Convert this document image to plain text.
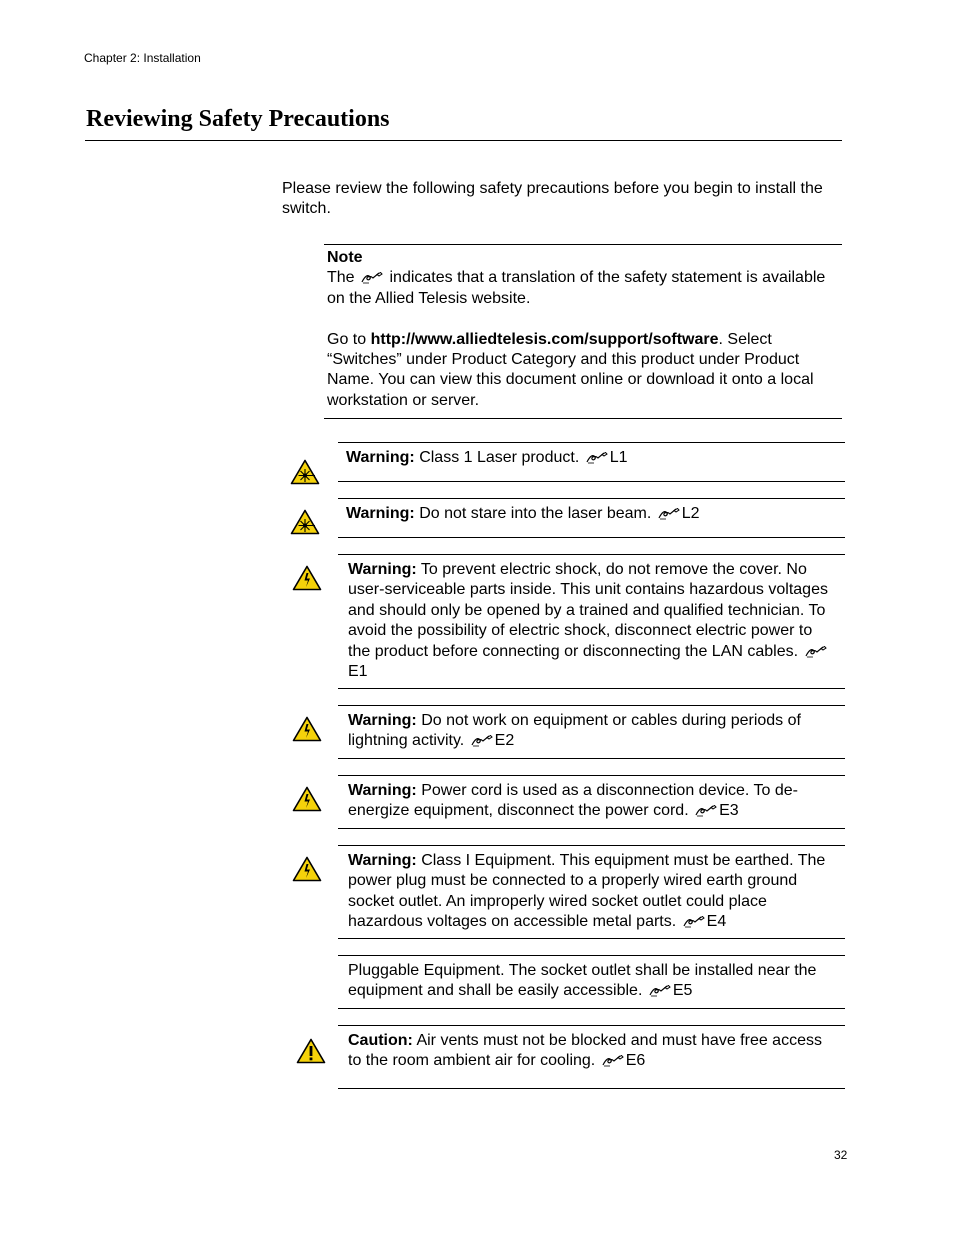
Chapter 2: Installation
Reviewing Safety Precautions

Please review the following safety precautions before you begin to install the switch.

Note

The indicates that a translation of the safety statement is available on the Allied Telesis website.

Go to http://www.alliedtelesis.com/support/software. Select “Switches” under Product Category and this product under Product Name. You can view this document online or download it onto a local workstation or server.

Warning: Class 1 Laser product. L1

Warning: Do not stare into the laser beam. L2

Warning: To prevent electric shock, do not remove the cover. No user-serviceable parts inside. This unit contains hazardous voltages and should only be opened by a trained and qualified technician. To avoid the possibility of electric shock, disconnect electric power to the product before connecting or disconnecting the LAN cables. E1

Warning: Do not work on equipment or cables during periods of lightning activity. E2

Warning: Power cord is used as a disconnection device. To de-energize equipment, disconnect the power cord. E3

Warning: Class I Equipment. This equipment must be earthed. The power plug must be connected to a properly wired earth ground socket outlet. An improperly wired socket outlet could place hazardous voltages on accessible metal parts. E4

Pluggable Equipment. The socket outlet shall be installed near the equipment and shall be easily accessible. E5

Caution: Air vents must not be blocked and must have free access to the room ambient air for cooling. E6

32
